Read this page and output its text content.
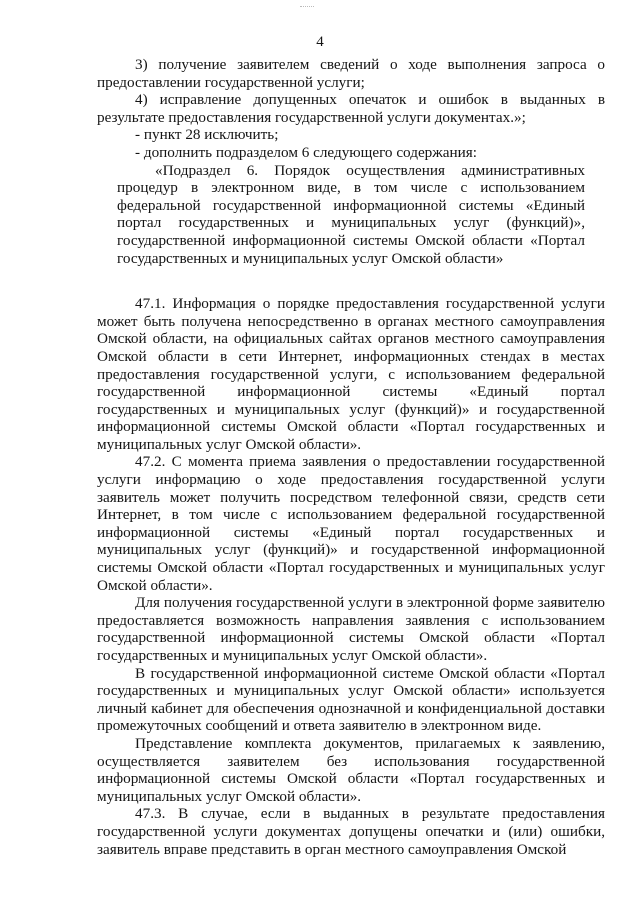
4

3) получение заявителем сведений о ходе выполнения запроса о предоставлении государственной услуги;

4) исправление допущенных опечаток и ошибок в выданных в результате предоставления государственной услуги документах.»;

- пункт 28 исключить;

- дополнить подразделом 6 следующего содержания:

«Подраздел 6. Порядок осуществления административных процедур в электронном виде, в том числе с использованием федеральной государственной информационной системы «Единый портал государственных и муниципальных услуг (функций)», государственной информационной системы Омской области «Портал государственных и муниципальных услуг Омской области»

47.1. Информация о порядке предоставления государственной услуги может быть получена непосредственно в органах местного самоуправления Омской области, на официальных сайтах органов местного самоуправления Омской области в сети Интернет, информационных стендах в местах предоставления государственной услуги, с использованием федеральной государственной информационной системы «Единый портал государственных и муниципальных услуг (функций)» и государственной информационной системы Омской области «Портал государственных и муниципальных услуг Омской области».

47.2. С момента приема заявления о предоставлении государственной услуги информацию о ходе предоставления государственной услуги заявитель может получить посредством телефонной связи, средств сети Интернет, в том числе с использованием федеральной государственной информационной системы «Единый портал государственных и муниципальных услуг (функций)» и государственной информационной системы Омской области «Портал государственных и муниципальных услуг Омской области».

Для получения государственной услуги в электронной форме заявителю предоставляется возможность направления заявления с использованием государственной информационной системы Омской области «Портал государственных и муниципальных услуг Омской области».

В государственной информационной системе Омской области «Портал государственных и муниципальных услуг Омской области» используется личный кабинет для обеспечения однозначной и конфиденциальной доставки промежуточных сообщений и ответа заявителю в электронном виде.

Представление комплекта документов, прилагаемых к заявлению, осуществляется заявителем без использования государственной информационной системы Омской области «Портал государственных и муниципальных услуг Омской области».

47.3. В случае, если в выданных в результате предоставления государственной услуги документах допущены опечатки и (или) ошибки, заявитель вправе представить в орган местного самоуправления Омской
